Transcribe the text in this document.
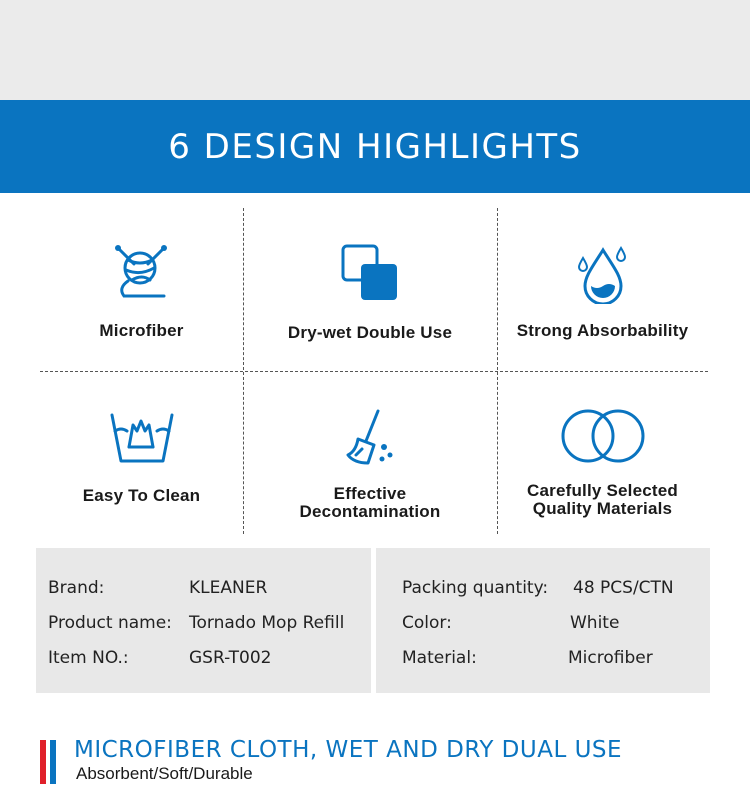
6 DESIGN HIGHLIGHTS
Microfiber	Dry-wet Double Use	Strong Absorbability
Easy To Clean	Effective
Decontamination
Carefully Selected
Quality Materials
Brand:	KLEANER
Product name: Tornado Mop Refill
Item NO.:	GSR-T002
Packing quantity: 48 PCS/CTN
Color:	White
Material:	Microfiber
MICROFIBER CLOTH, WET AND DRY DUAL USE
Absorbent/Soft/Durable
